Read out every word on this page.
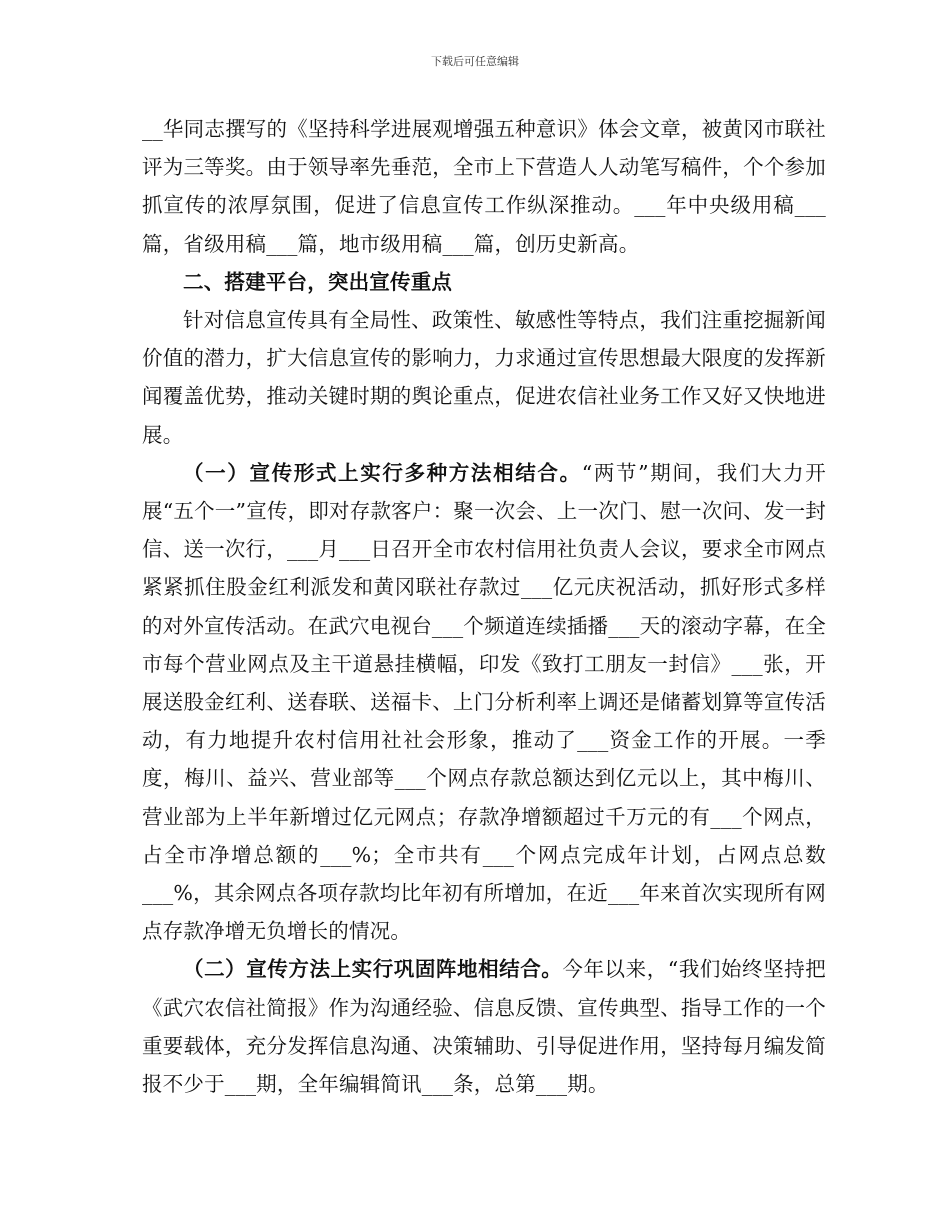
下载后可任意编辑

__华同志撰写的《坚持科学进展观增强五种意识》体会文章，被黄冈市联社评为三等奖。由于领导率先垂范，全市上下营造人人动笔写稿件，个个参加抓宣传的浓厚氛围，促进了信息宣传工作纵深推动。___年中央级用稿___篇，省级用稿___篇，地市级用稿___篇，创历史新高。

二、搭建平台，突出宣传重点

针对信息宣传具有全局性、政策性、敏感性等特点，我们注重挖掘新闻价值的潜力，扩大信息宣传的影响力，力求通过宣传思想最大限度的发挥新闻覆盖优势，推动关键时期的舆论重点，促进农信社业务工作又好又快地进展。

（一）宣传形式上实行多种方法相结合。“两节”期间，我们大力开展“五个一”宣传，即对存款客户：聚一次会、上一次门、慰一次问、发一封信、送一次行，___月___日召开全市农村信用社负责人会议，要求全市网点紧紧抓住股金红利派发和黄冈联社存款过___亿元庆祝活动，抓好形式多样的对外宣传活动。在武穴电视台___个频道连续插播___天的滚动字幕，在全市每个营业网点及主干道悬挂横幅，印发《致打工朋友一封信》___张，开展送股金红利、送春联、送福卡、上门分析利率上调还是储蓄划算等宣传活动，有力地提升农村信用社社会形象，推动了___资金工作的开展。一季度，梅川、益兴、营业部等___个网点存款总额达到亿元以上，其中梅川、营业部为上半年新增过亿元网点；存款净增额超过千万元的有___个网点，占全市净增总额的___%；全市共有___个网点完成年计划，占网点总数___%，其余网点各项存款均比年初有所增加，在近___年来首次实现所有网点存款净增无负增长的情况。

（二）宣传方法上实行巩固阵地相结合。今年以来，“我们始终坚持把《武穴农信社简报》作为沟通经验、信息反馈、宣传典型、指导工作的一个重要载体，充分发挥信息沟通、决策辅助、引导促进作用，坚持每月编发简报不少于___期，全年编辑简讯___条，总第___期。
